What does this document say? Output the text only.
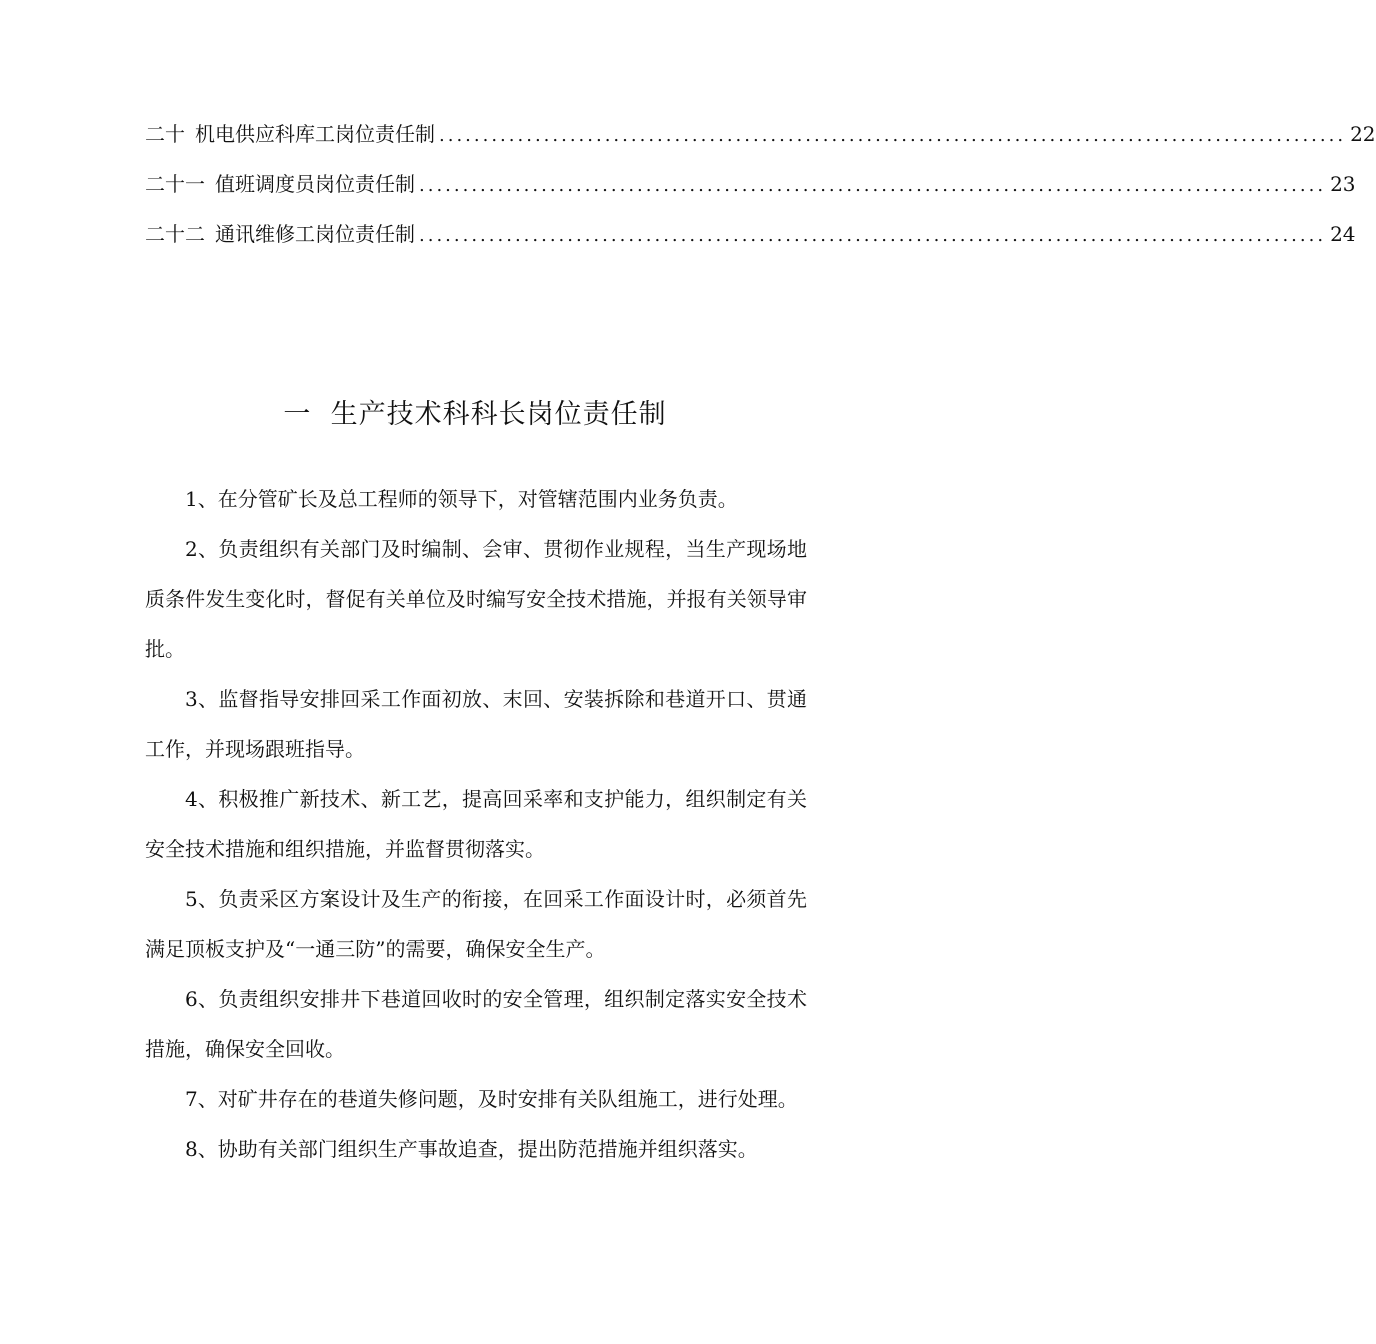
二十 机电供应科库工岗位责任制 ........................................................................................................ 22
二十一 值班调度员岗位责任制 ........................................................................................................ 23
二十二 通讯维修工岗位责任制 ........................................................................................................ 24
一 生产技术科科长岗位责任制

1、在分管矿长及总工程师的领导下，对管辖范围内业务负责。

2、负责组织有关部门及时编制、会审、贯彻作业规程，当生产现场地质条件发生变化时，督促有关单位及时编写安全技术措施，并报有关领导审批。

3、监督指导安排回采工作面初放、末回、安装拆除和巷道开口、贯通工作，并现场跟班指导。

4、积极推广新技术、新工艺，提高回采率和支护能力，组织制定有关安全技术措施和组织措施，并监督贯彻落实。

5、负责采区方案设计及生产的衔接，在回采工作面设计时，必须首先满足顶板支护及“一通三防”的需要，确保安全生产。

6、负责组织安排井下巷道回收时的安全管理，组织制定落实安全技术措施，确保安全回收。

7、对矿井存在的巷道失修问题，及时安排有关队组施工，进行处理。

8、协助有关部门组织生产事故追查，提出防范措施并组织落实。
